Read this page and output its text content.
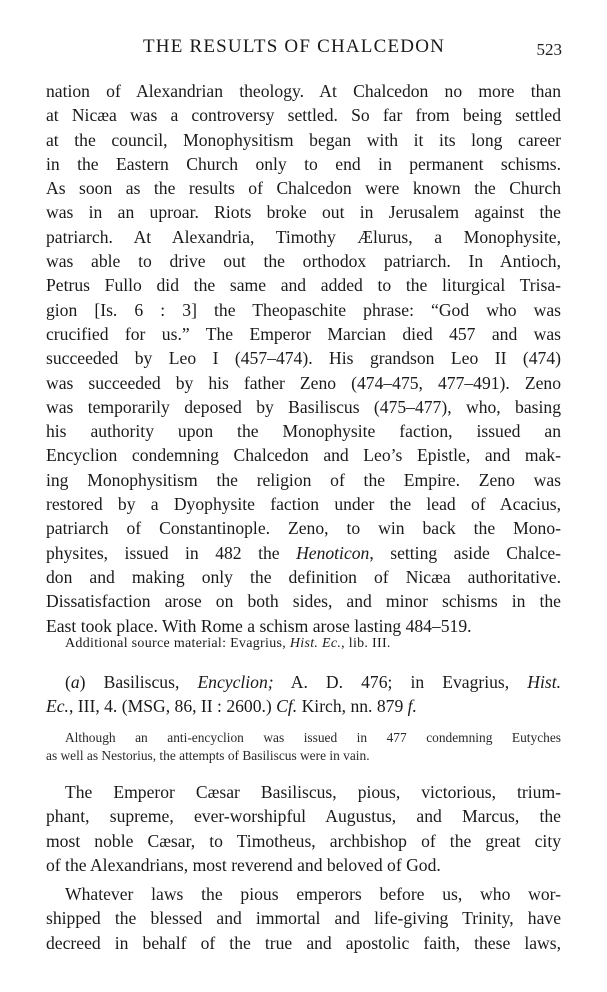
THE RESULTS OF CHALCEDON	523
nation of Alexandrian theology. At Chalcedon no more than
at Nicæa was a controversy settled. So far from being settled
at the council, Monophysitism began with it its long career
in the Eastern Church only to end in permanent schisms.
As soon as the results of Chalcedon were known the Church
was in an uproar. Riots broke out in Jerusalem against the
patriarch. At Alexandria, Timothy Ælurus, a Monophysite,
was able to drive out the orthodox patriarch. In Antioch,
Petrus Fullo did the same and added to the liturgical Trisa-
gion [Is. 6 : 3] the Theopaschite phrase: “God who was
crucified for us.” The Emperor Marcian died 457 and was
succeeded by Leo I (457–474). His grandson Leo II (474)
was succeeded by his father Zeno (474–475, 477–491). Zeno
was temporarily deposed by Basiliscus (475–477), who, basing
his authority upon the Monophysite faction, issued an
Encyclion condemning Chalcedon and Leo’s Epistle, and mak-
ing Monophysitism the religion of the Empire. Zeno was
restored by a Dyophysite faction under the lead of Acacius,
patriarch of Constantinople. Zeno, to win back the Mono-
physites, issued in 482 the Henoticon, setting aside Chalce-
don and making only the definition of Nicæa authoritative.
Dissatisfaction arose on both sides, and minor schisms in the
East took place. With Rome a schism arose lasting 484–519.
Additional source material: Evagrius, Hist. Ec., lib. III.
(a) Basiliscus, Encyclion; A. D. 476; in Evagrius, Hist.
Ec., III, 4. (MSG, 86, II : 2600.) Cf. Kirch, nn. 879 f.
Although an anti-encyclion was issued in 477 condemning Eutyches
as well as Nestorius, the attempts of Basiliscus were in vain.
The Emperor Cæsar Basiliscus, pious, victorious, trium-
phant, supreme, ever-worshipful Augustus, and Marcus, the
most noble Cæsar, to Timotheus, archbishop of the great city
of the Alexandrians, most reverend and beloved of God.
Whatever laws the pious emperors before us, who wor-
shipped the blessed and immortal and life-giving Trinity, have
decreed in behalf of the true and apostolic faith, these laws,
